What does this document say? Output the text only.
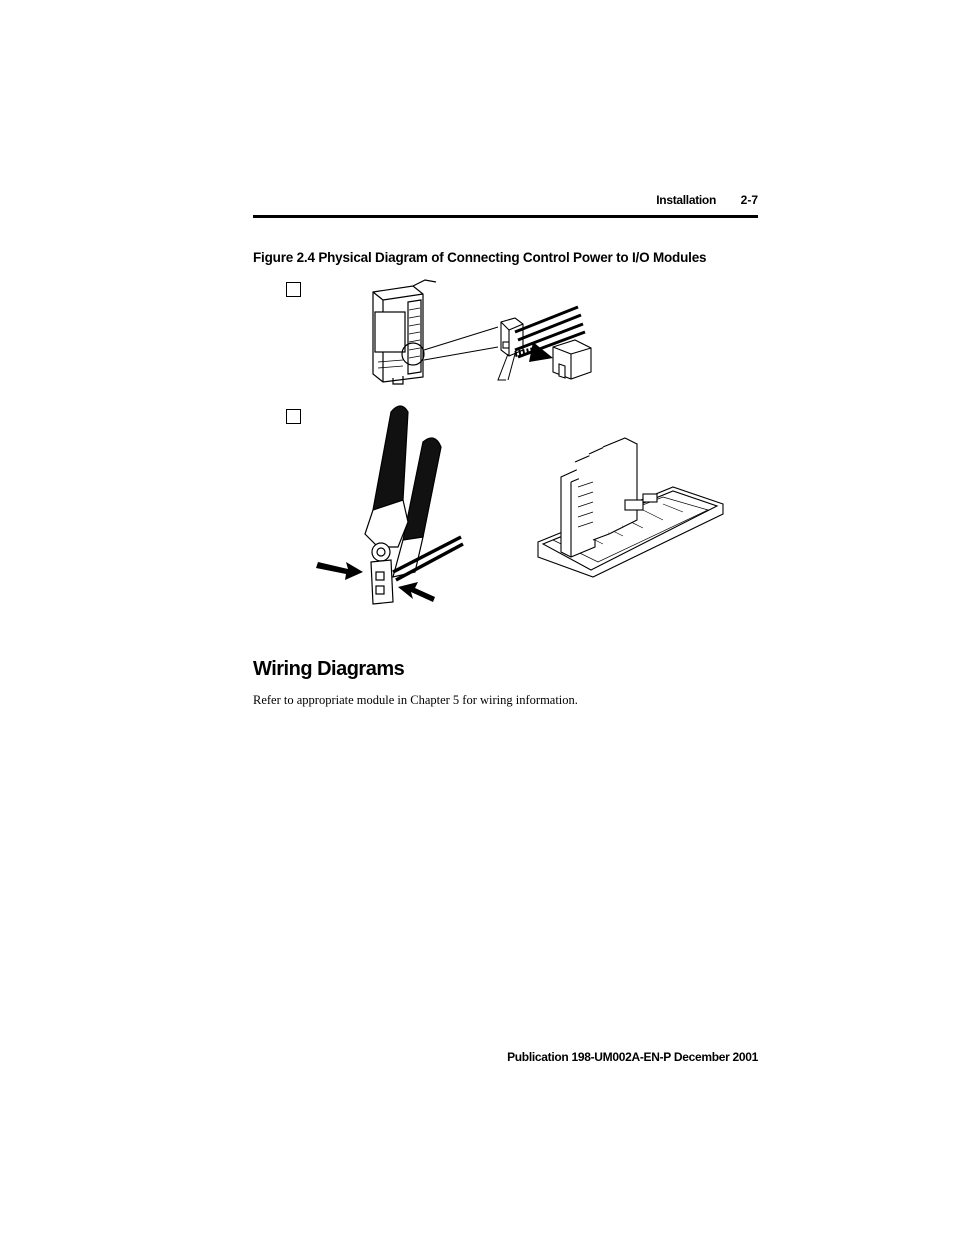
Installation 2-7
Figure 2.4 Physical Diagram of Connecting Control Power to I/O Modules
Wiring Diagrams
Refer to appropriate module in Chapter 5 for wiring information.
Publication 198-UM002A-EN-P December 2001
